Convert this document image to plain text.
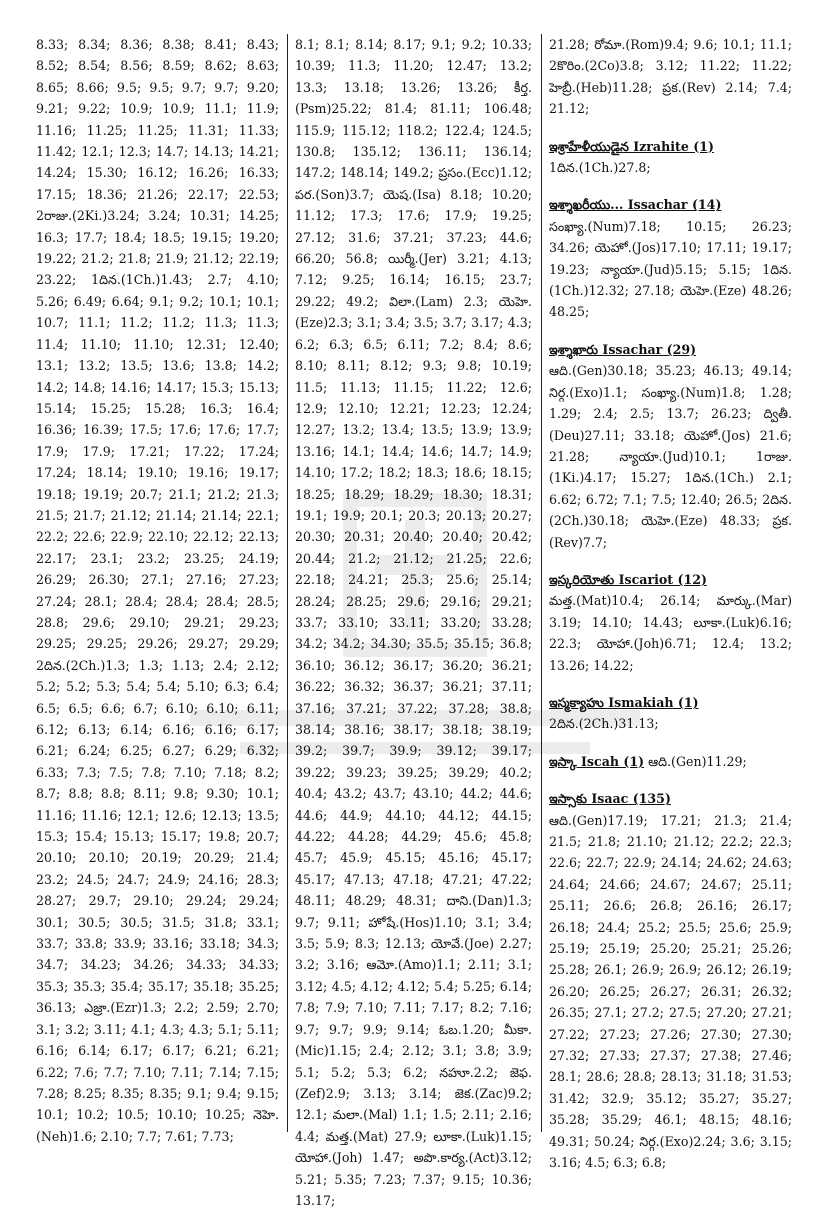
8.33; 8.34; 8.36; 8.38; 8.41; 8.43; 8.52; 8.54; 8.56; 8.59; 8.62; 8.63; 8.65; 8.66; 9.5; 9.5; 9.7; 9.7; 9.20; 9.21; 9.22; 10.9; 10.9; 11.1; 11.9; 11.16; 11.25; 11.25; 11.31; 11.33; 11.42; 12.1; 12.3; 14.7; 14.13; 14.21; 14.24; 15.30; 16.12; 16.26; 16.33; 17.15; 18.36; 21.26; 22.17; 22.53; 2రాజు.(2Ki.)3.24; 3.24; 10.31; 14.25; 16.3; 17.7; 18.4; 18.5; 19.15; 19.20; 19.22; 21.2; 21.8; 21.9; 21.12; 22.19; 23.22; 1దిన.(1Ch.)1.43; 2.7; 4.10; 5.26; 6.49; 6.64; 9.1; 9.2; 10.1; 10.1; 10.7; 11.1; 11.2; 11.2; 11.3; 11.3; 11.4; 11.10; 11.10; 12.31; 12.40; 13.1; 13.2; 13.5; 13.6; 13.8; 14.2; 14.2; 14.8; 14.16; 14.17; 15.3; 15.13; 15.14; 15.25; 15.28; 16.3; 16.4; 16.36; 16.39; 17.5; 17.6; 17.6; 17.7; 17.9; 17.9; 17.21; 17.22; 17.24; 17.24; 18.14; 19.10; 19.16; 19.17; 19.18; 19.19; 20.7; 21.1; 21.2; 21.3; 21.5; 21.7; 21.12; 21.14; 21.14; 22.1; 22.2; 22.6; 22.9; 22.10; 22.12; 22.13; 22.17; 23.1; 23.2; 23.25; 24.19; 26.29; 26.30; 27.1; 27.16; 27.23; 27.24; 28.1; 28.4; 28.4; 28.4; 28.5; 28.8; 29.6; 29.10; 29.21; 29.23; 29.25; 29.25; 29.26; 29.27; 29.29; 2దిన.(2Ch.)1.3; 1.3; 1.13; 2.4; 2.12; 5.2; 5.2; 5.3; 5.4; 5.4; 5.10; 6.3; 6.4; 6.5; 6.5; 6.6; 6.7; 6.10; 6.10; 6.11; 6.12; 6.13; 6.14; 6.16; 6.16; 6.17; 6.21; 6.24; 6.25; 6.27; 6.29; 6.32; 6.33; 7.3; 7.5; 7.8; 7.10; 7.18; 8.2; 8.7; 8.8; 8.8; 8.11; 9.8; 9.30; 10.1; 11.16; 11.16; 12.1; 12.6; 12.13; 13.5; 15.3; 15.4; 15.13; 15.17; 19.8; 20.7; 20.10; 20.10; 20.19; 20.29; 21.4; 23.2; 24.5; 24.7; 24.9; 24.16; 28.3; 28.27; 29.7; 29.10; 29.24; 29.24; 30.1; 30.5; 30.5; 31.5; 31.8; 33.1; 33.7; 33.8; 33.9; 33.16; 33.18; 34.3; 34.7; 34.23; 34.26; 34.33; 34.33; 35.3; 35.3; 35.4; 35.17; 35.18; 35.25; 36.13; ఎజ్రా.(Ezr)1.3; 2.2; 2.59; 2.70; 3.1; 3.2; 3.11; 4.1; 4.3; 4.3; 5.1; 5.11; 6.16; 6.14; 6.17; 6.17; 6.21; 6.21; 6.22; 7.6; 7.7; 7.10; 7.11; 7.14; 7.15; 7.28; 8.25; 8.35; 8.35; 9.1; 9.4; 9.15; 10.1; 10.2; 10.5; 10.10; 10.25; నెహె.(Neh)1.6; 2.10; 7.7; 7.61; 7.73;
8.1; 8.1; 8.14; 8.17; 9.1; 9.2; 10.33; 10.39; 11.3; 11.20; 12.47; 13.2; 13.3; 13.18; 13.26; 13.26; కీర్త.(Psm)25.22; 81.4; 81.11; 106.48; 115.9; 115.12; 118.2; 122.4; 124.5; 130.8; 135.12; 136.11; 136.14; 147.2; 148.14; 149.2; ప్రసం.(Ecc)1.12; పర.(Son)3.7; యెష.(Isa) 8.18; 10.20; 11.12; 17.3; 17.6; 17.9; 19.25; 27.12; 31.6; 37.21; 37.23; 44.6; 66.20; 56.8; యిర్మీ.(Jer) 3.21; 4.13; 7.12; 9.25; 16.14; 16.15; 23.7; 29.22; 49.2; విలా.(Lam) 2.3; యెహె.(Eze)2.3; 3.1; 3.4; 3.5; 3.7; 3.17; 4.3; 6.2; 6.3; 6.5; 6.11; 7.2; 8.4; 8.6; 8.10; 8.11; 8.12; 9.3; 9.8; 10.19; 11.5; 11.13; 11.15; 11.22; 12.6; 12.9; 12.10; 12.21; 12.23; 12.24; 12.27; 13.2; 13.4; 13.5; 13.9; 13.9; 13.16; 14.1; 14.4; 14.6; 14.7; 14.9; 14.10; 17.2; 18.2; 18.3; 18.6; 18.15; 18.25; 18.29; 18.29; 18.30; 18.31; 19.1; 19.9; 20.1; 20.3; 20.13; 20.27; 20.30; 20.31; 20.40; 20.40; 20.42; 20.44; 21.2; 21.12; 21.25; 22.6; 22.18; 24.21; 25.3; 25.6; 25.14; 28.24; 28.25; 29.6; 29.16; 29.21; 33.7; 33.10; 33.11; 33.20; 33.28; 34.2; 34.2; 34.30; 35.5; 35.15; 36.8; 36.10; 36.12; 36.17; 36.20; 36.21; 36.22; 36.32; 36.37; 36.21; 37.11; 37.16; 37.21; 37.22; 37.28; 38.8; 38.14; 38.16; 38.17; 38.18; 38.19; 39.2; 39.7; 39.9; 39.12; 39.17; 39.22; 39.23; 39.25; 39.29; 40.2; 40.4; 43.2; 43.7; 43.10; 44.2; 44.6; 44.6; 44.9; 44.10; 44.12; 44.15; 44.22; 44.28; 44.29; 45.6; 45.8; 45.7; 45.9; 45.15; 45.16; 45.17; 45.17; 47.13; 47.18; 47.21; 47.22; 48.11; 48.29; 48.31; దాని.(Dan)1.3; 9.7; 9.11; హోషే.(Hos)1.10; 3.1; 3.4; 3.5; 5.9; 8.3; 12.13; యోవే.(Joe) 2.27; 3.2; 3.16; ఆమో.(Amo)1.1; 2.11; 3.1; 3.12; 4.5; 4.12; 4.12; 5.4; 5.25; 6.14; 7.8; 7.9; 7.10; 7.11; 7.17; 8.2; 7.16; 9.7; 9.7; 9.9; 9.14; ఓబ.1.20; మీకా.(Mic)1.15; 2.4; 2.12; 3.1; 3.8; 3.9; 5.1; 5.2; 5.3; 6.2; నహూ.2.2; జెఫ.(Zef)2.9; 3.13; 3.14; జెక.(Zac)9.2; 12.1; మలా.(Mal) 1.1; 1.5; 2.11; 2.16; 4.4; మత్త.(Mat) 27.9; లూకా.(Luk)1.15; యోహా.(Joh) 1.47; అపొ.కార్య.(Act)3.12; 5.21; 5.35; 7.23; 7.37; 9.15; 10.36; 13.17;
21.28; రోమా.(Rom)9.4; 9.6; 10.1; 11.1; 2కొరిం.(2Co)3.8; 3.12; 11.22; 11.22; హెబ్రీ.(Heb)11.28; ప్రక.(Rev) 2.14; 7.4; 21.12;
ఇశ్రాహేళీయుడైన Izrahite (1)
1దిన.(1Ch.)27.8;
ఇశ్శాఖరీయు... Issachar (14)
సంఖ్యా.(Num)7.18; 10.15; 26.23; 34.26; యెహో.(Jos)17.10; 17.11; 19.17; 19.23; న్యాయా.(Jud)5.15; 5.15; 1దిన.(1Ch.)12.32; 27.18; యెహె.(Eze) 48.26; 48.25;
ఇశ్శాఖారు Issachar (29)
ఆది.(Gen)30.18; 35.23; 46.13; 49.14; నిర్గ.(Exo)1.1; సంఖ్యా.(Num)1.8; 1.28; 1.29; 2.4; 2.5; 13.7; 26.23; ద్వితీ.(Deu)27.11; 33.18; యెహో.(Jos) 21.6; 21.28; న్యాయా.(Jud)10.1; 1రాజు.(1Ki.)4.17; 15.27; 1దిన.(1Ch.) 2.1; 6.62; 6.72; 7.1; 7.5; 12.40; 26.5; 2దిన.(2Ch.)30.18; యెహె.(Eze) 48.33; ప్రక.(Rev)7.7;
ఇస్కరియోతు Iscariot (12)
మత్త.(Mat)10.4; 26.14; మార్కు.(Mar) 3.19; 14.10; 14.43; లూకా.(Luk)6.16; 22.3; యోహా.(Joh)6.71; 12.4; 13.2; 13.26; 14.22;
ఇస్మక్యాహు Ismakiah (1)
2దిన.(2Ch.)31.13;
ఇస్కా Iscah (1) ఆది.(Gen)11.29;
ఇస్సాకు Isaac (135)
ఆది.(Gen)17.19; 17.21; 21.3; 21.4; 21.5; 21.8; 21.10; 21.12; 22.2; 22.3; 22.6; 22.7; 22.9; 24.14; 24.62; 24.63; 24.64; 24.66; 24.67; 24.67; 25.11; 25.11; 26.6; 26.8; 26.16; 26.17; 26.18; 24.4; 25.2; 25.5; 25.6; 25.9; 25.19; 25.19; 25.20; 25.21; 25.26; 25.28; 26.1; 26.9; 26.9; 26.12; 26.19; 26.20; 26.25; 26.27; 26.31; 26.32; 26.35; 27.1; 27.2; 27.5; 27.20; 27.21; 27.22; 27.23; 27.26; 27.30; 27.30; 27.32; 27.33; 27.37; 27.38; 27.46; 28.1; 28.6; 28.8; 28.13; 31.18; 31.53; 31.42; 32.9; 35.12; 35.27; 35.27; 35.28; 35.29; 46.1; 48.15; 48.16; 49.31; 50.24; నిర్గ.(Exo)2.24; 3.6; 3.15; 3.16; 4.5; 6.3; 6.8;
